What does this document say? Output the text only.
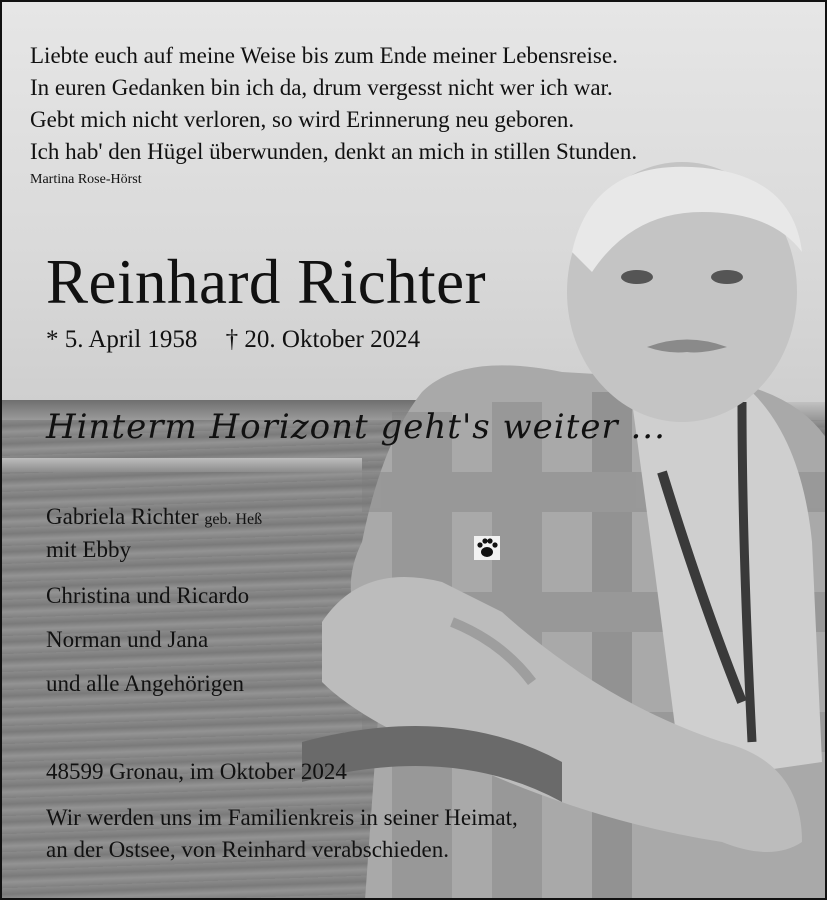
Liebte euch auf meine Weise bis zum Ende meiner Lebensreise.
In euren Gedanken bin ich da, drum vergesst nicht wer ich war.
Gebt mich nicht verloren, so wird Erinnerung neu geboren.
Ich hab' den Hügel überwunden, denkt an mich in stillen Stunden.
Martina Rose-Hörst
Reinhard Richter
* 5. April 1958 † 20. Oktober 2024
Hinterm Horizont geht's weiter ...
Gabriela Richter geb. Heß
mit Ebby
Christina und Ricardo
Norman und Jana
und alle Angehörigen
48599 Gronau, im Oktober 2024
Wir werden uns im Familienkreis in seiner Heimat,
an der Ostsee, von Reinhard verabschieden.
